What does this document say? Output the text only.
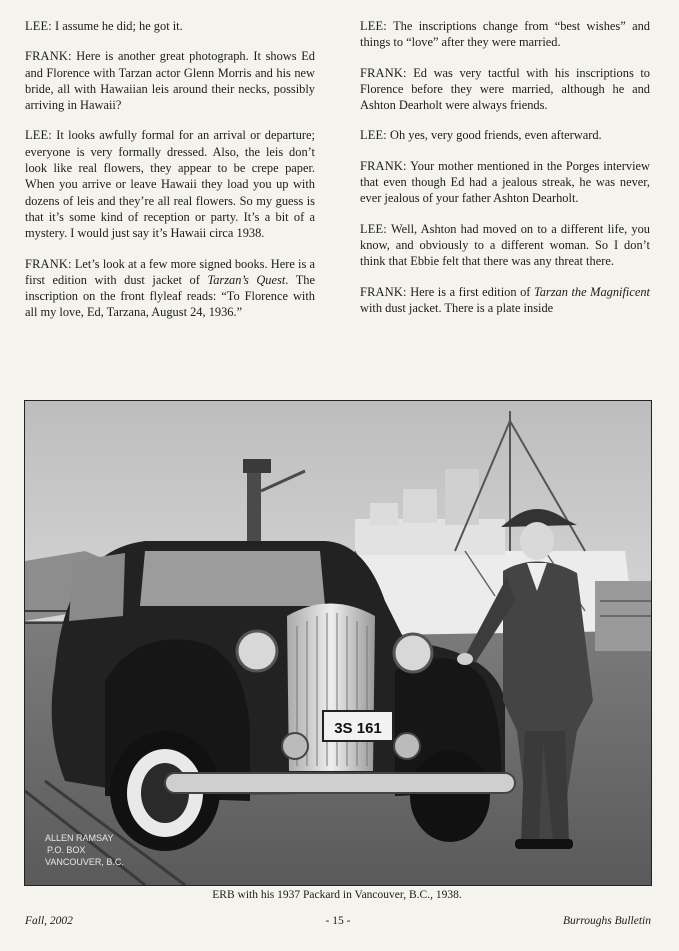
LEE: I assume he did; he got it.

FRANK: Here is another great photograph. It shows Ed and Florence with Tarzan actor Glenn Morris and his new bride, all with Hawaiian leis around their necks, possibly arriving in Hawaii?

LEE: It looks awfully formal for an arrival or departure; everyone is very formally dressed. Also, the leis don’t look like real flowers, they appear to be crepe paper. When you arrive or leave Hawaii they load you up with dozens of leis and they’re all real flowers. So my guess is that it’s some kind of reception or party. It’s a bit of a mystery. I would just say it’s Hawaii circa 1938.

FRANK: Let’s look at a few more signed books. Here is a first edition with dust jacket of Tarzan’s Quest. The inscription on the front flyleaf reads: “To Florence with all my love, Ed, Tarzana, August 24, 1936.”

LEE: The inscriptions change from “best wishes” and things to “love” after they were married.

FRANK: Ed was very tactful with his inscriptions to Florence before they were married, although he and Ashton Dearholt were always friends.

LEE: Oh yes, very good friends, even afterward.

FRANK: Your mother mentioned in the Porges interview that even though Ed had a jealous streak, he was never, ever jealous of your father Ashton Dearholt.

LEE: Well, Ashton had moved on to a different life, you know, and obviously to a different woman. So I don’t think that Ebbie felt that there was any threat there.

FRANK: Here is a first edition of Tarzan the Magnificent with dust jacket. There is a plate inside

3S 161
ALLEN RAMSAY
P.O. BOX
VANCOUVER, B.C.
ERB with his 1937 Packard in Vancouver, B.C., 1938.
Fall, 2002	- 15 -	Burroughs Bulletin
